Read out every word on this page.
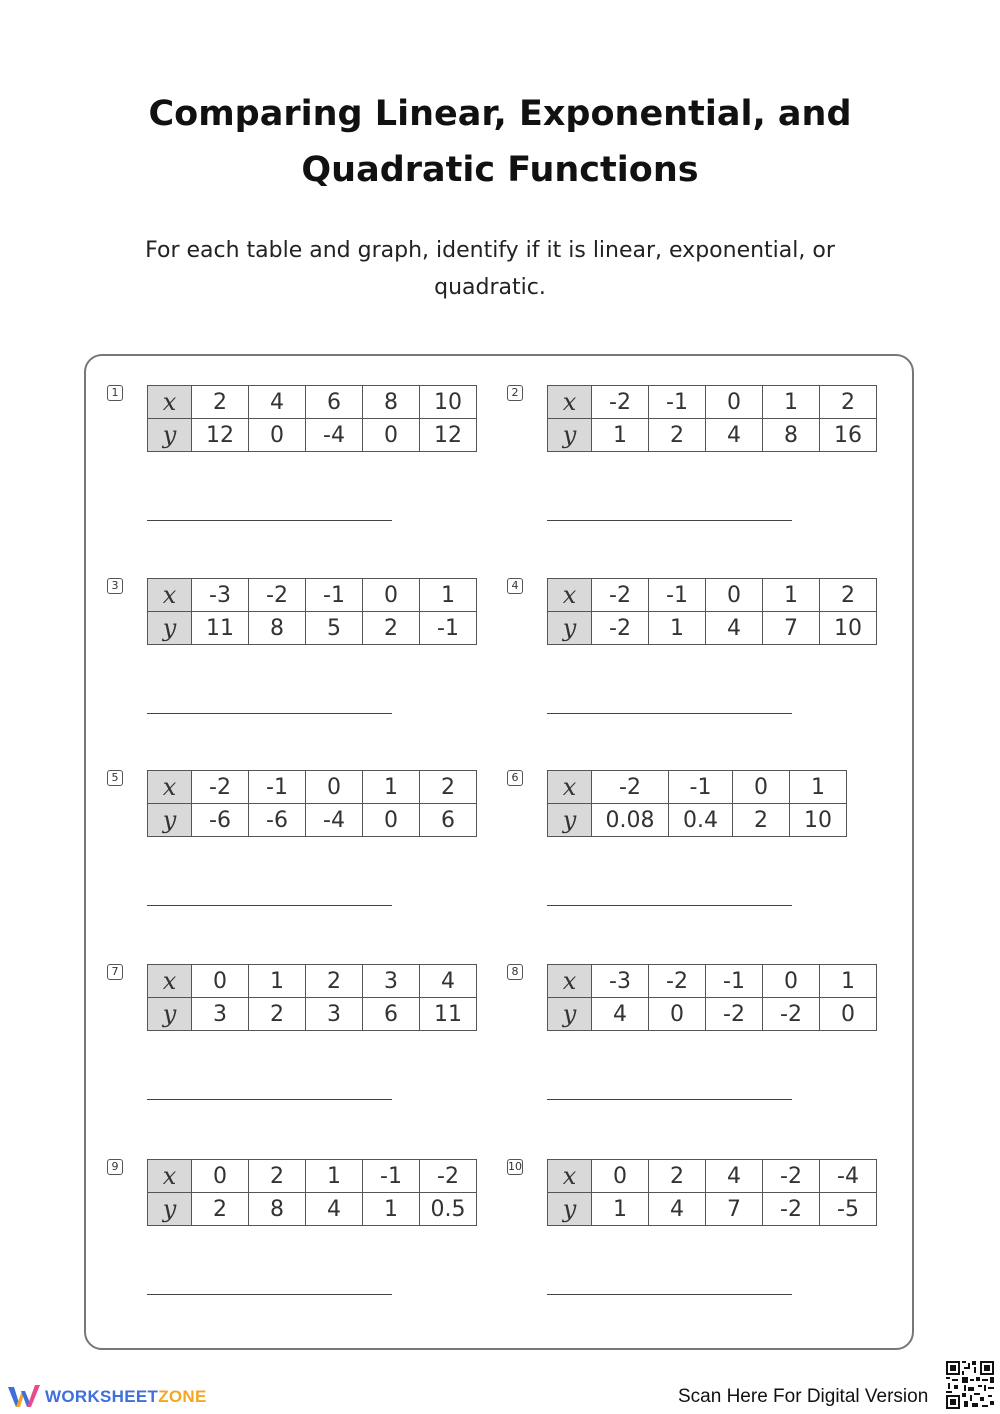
Comparing Linear, Exponential, and
Quadratic Functions
For each table and graph, identify if it is linear, exponential, or quadratic.
1 x	2	4	6	8	10
y	12	0	-4	0	12
2 x	-2	-1	0	1	2
y	1	2	4	8	16
3 x	-3	-2	-1	0	1
y	11	8	5	2	-1
4 x	-2	-1	0	1	2
y	-2	1	4	7	10
5 x	-2	-1	0	1	2
y	-6	-6	-4	0	6
6 x	-2	-1	0	1
y	0.08	0.4	2	10
7 x	0	1	2	3	4
y	3	2	3	6	11
8 x	-3	-2	-1	0	1
y	4	0	-2	-2	0
9 x	0	2	1	-1	-2
y	2	8	4	1	0.5
10 x	0	2	4	-2	-4
y	1	4	7	-2	-5
WORKSHEETZONE	Scan Here For Digital Version
